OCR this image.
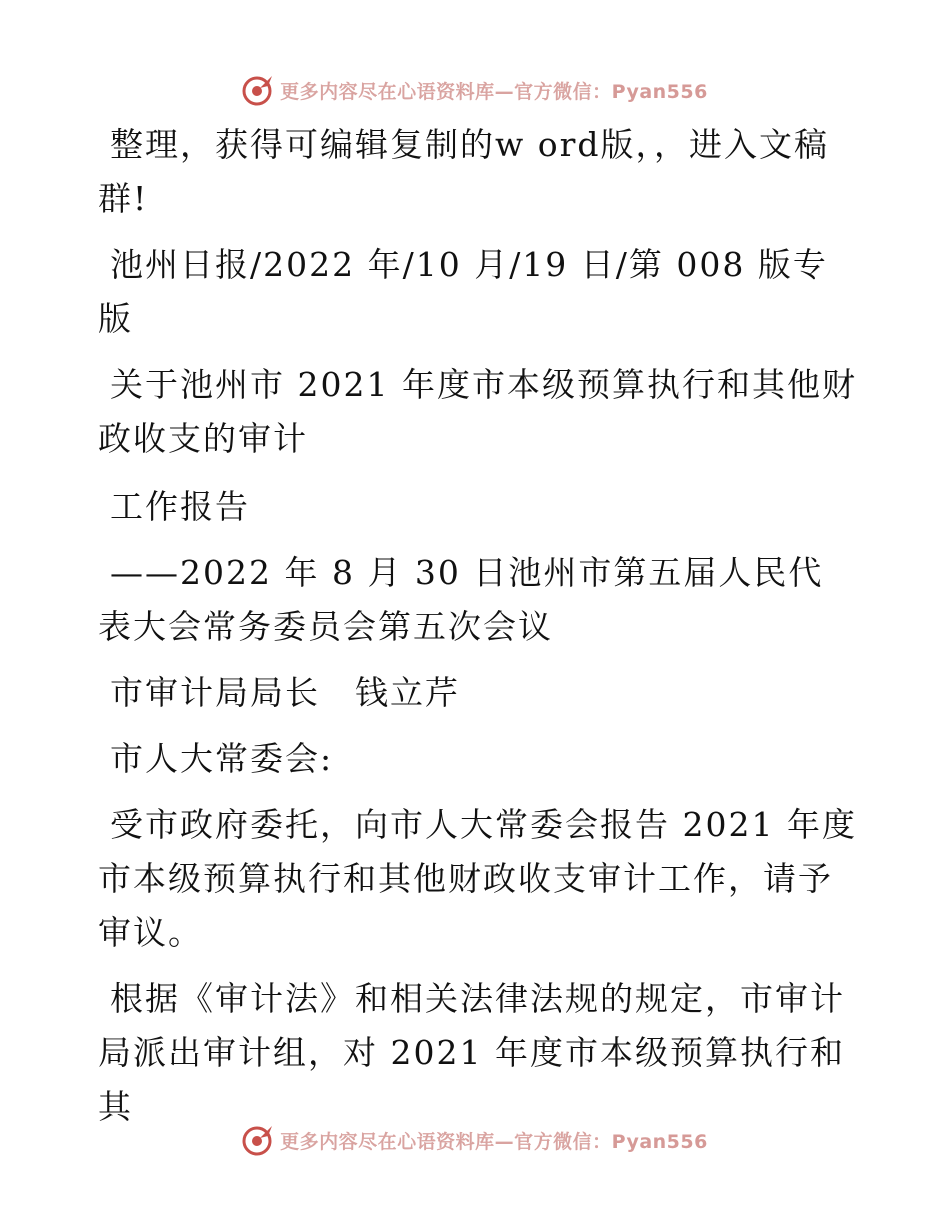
更多内容尽在心语资料库—官方微信：Pyan556

整理，获得可编辑复制的w ord版，，进入文稿群!

池州日报/2022 年/10 月/19 日/第 008 版专版

关于池州市 2021 年度市本级预算执行和其他财政收支的审计

工作报告

——2022 年 8 月 30 日池州市第五届人民代表大会常务委员会第五次会议

市审计局局长　钱立芹

市人大常委会:

受市政府委托，向市人大常委会报告 2021 年度市本级预算执行和其他财政收支审计工作，请予审议。

根据《审计法》和相关法律法规的规定，市审计局派出审计组，对 2021 年度市本级预算执行和其

更多内容尽在心语资料库—官方微信：Pyan556
